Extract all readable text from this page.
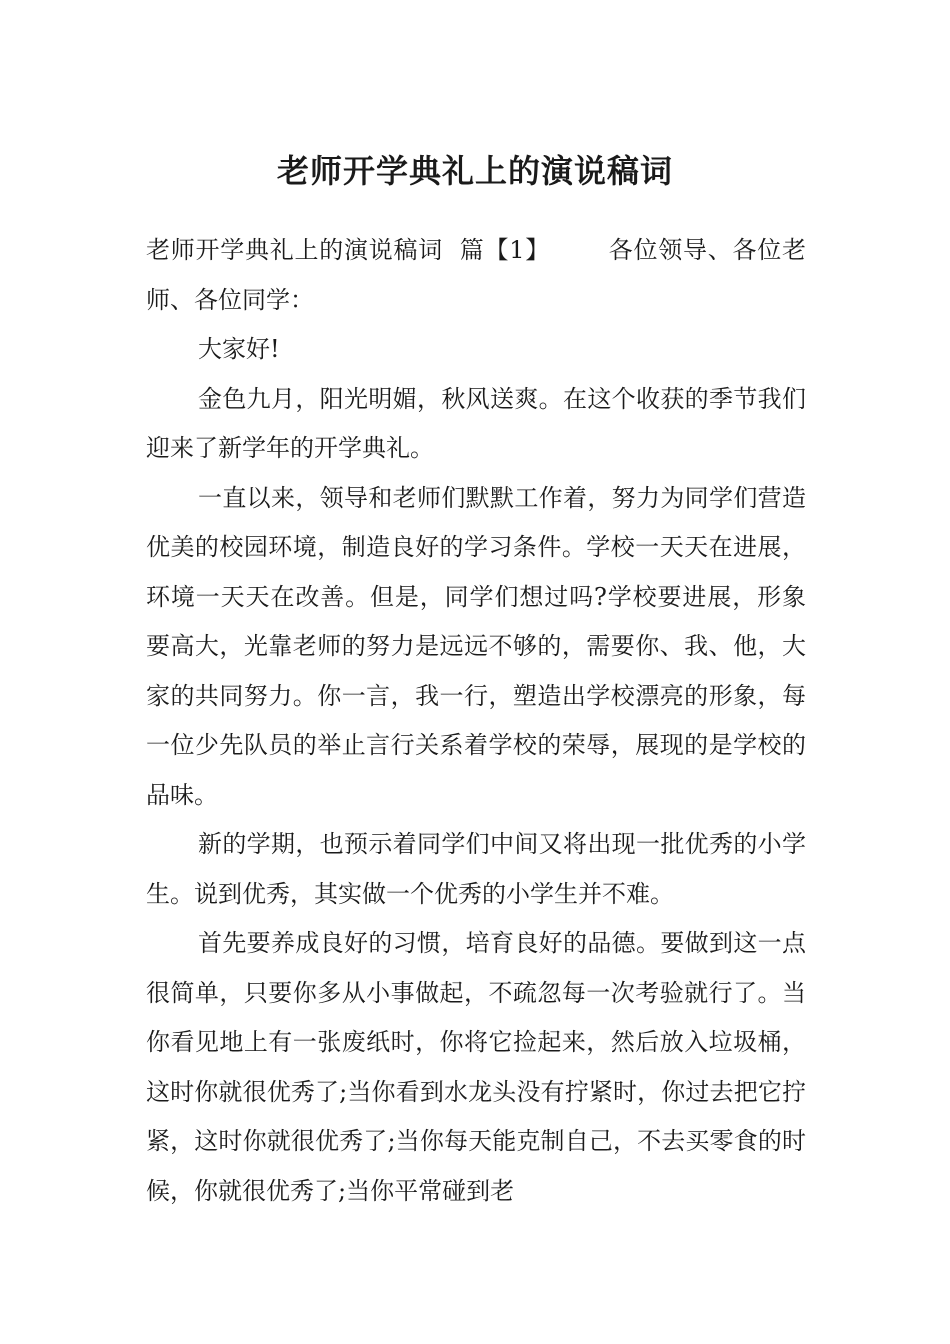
老师开学典礼上的演说稿词

老师开学典礼上的演说稿词 篇【1】 各位领导、各位老师、各位同学：

大家好!

金色九月，阳光明媚，秋风送爽。在这个收获的季节我们迎来了新学年的开学典礼。

一直以来，领导和老师们默默工作着，努力为同学们营造优美的校园环境，制造良好的学习条件。学校一天天在进展，环境一天天在改善。但是，同学们想过吗?学校要进展，形象要高大，光靠老师的努力是远远不够的，需要你、我、他，大家的共同努力。你一言，我一行，塑造出学校漂亮的形象，每一位少先队员的举止言行关系着学校的荣辱，展现的是学校的品味。

新的学期，也预示着同学们中间又将出现一批优秀的小学生。说到优秀，其实做一个优秀的小学生并不难。

首先要养成良好的习惯，培育良好的品德。要做到这一点很简单，只要你多从小事做起，不疏忽每一次考验就行了。当你看见地上有一张废纸时，你将它捡起来，然后放入垃圾桶，这时你就很优秀了;当你看到水龙头没有拧紧时，你过去把它拧紧，这时你就很优秀了;当你每天能克制自己，不去买零食的时候，你就很优秀了;当你平常碰到老
